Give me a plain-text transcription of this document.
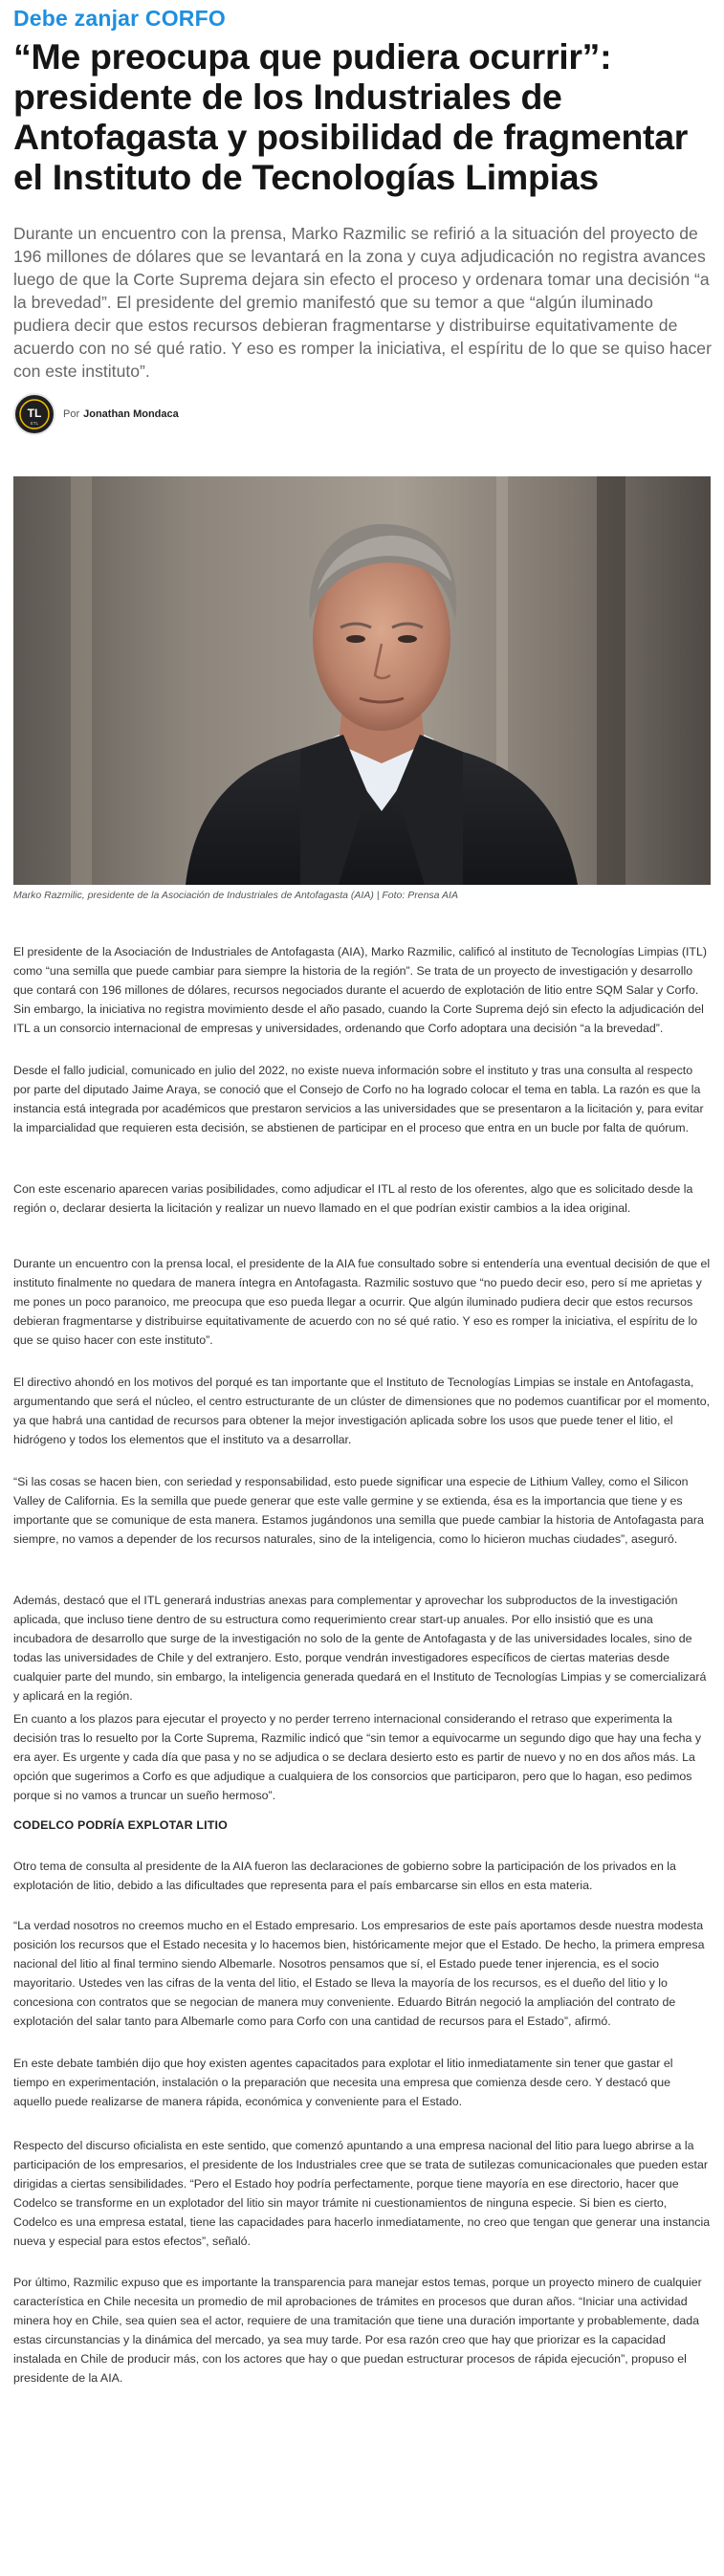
Debe zanjar CORFO
“Me preocupa que pudiera ocurrir”: presidente de los Industriales de Antofagasta y posibilidad de fragmentar el Instituto de Tecnologías Limpias

Durante un encuentro con la prensa, Marko Razmilic se refirió a la situación del proyecto de 196 millones de dólares que se levantará en la zona y cuya adjudicación no registra avances luego de que la Corte Suprema dejara sin efecto el proceso y ordenara tomar una decisión “a la brevedad”. El presidente del gremio manifestó que su temor a que “algún iluminado pudiera decir que estos recursos debieran fragmentarse y distribuirse equitativamente de acuerdo con no sé qué ratio. Y eso es romper la iniciativa, el espíritu de lo que se quiso hacer con este instituto”.

TL
ETL
Por Jonathan Mondaca

Marko Razmilic, presidente de la Asociación de Industriales de Antofagasta (AIA) | Foto: Prensa AIA

El presidente de la Asociación de Industriales de Antofagasta (AIA), Marko Razmilic, calificó al instituto de Tecnologías Limpias (ITL) como “una semilla que puede cambiar para siempre la historia de la región”. Se trata de un proyecto de investigación y desarrollo que contará con 196 millones de dólares, recursos negociados durante el acuerdo de explotación de litio entre SQM Salar y Corfo. Sin embargo, la iniciativa no registra movimiento desde el año pasado, cuando la Corte Suprema dejó sin efecto la adjudicación del ITL a un consorcio internacional de empresas y universidades, ordenando que Corfo adoptara una decisión “a la brevedad”.

Desde el fallo judicial, comunicado en julio del 2022, no existe nueva información sobre el instituto y tras una consulta al respecto por parte del diputado Jaime Araya, se conoció que el Consejo de Corfo no ha logrado colocar el tema en tabla. La razón es que la instancia está integrada por académicos que prestaron servicios a las universidades que se presentaron a la licitación y, para evitar la imparcialidad que requieren esta decisión, se abstienen de participar en el proceso que entra en un bucle por falta de quórum.

Con este escenario aparecen varias posibilidades, como adjudicar el ITL al resto de los oferentes, algo que es solicitado desde la región o, declarar desierta la licitación y realizar un nuevo llamado en el que podrían existir cambios a la idea original.

Durante un encuentro con la prensa local, el presidente de la AIA fue consultado sobre si entendería una eventual decisión de que el instituto finalmente no quedara de manera íntegra en Antofagasta. Razmilic sostuvo que “no puedo decir eso, pero sí me aprietas y me pones un poco paranoico, me preocupa que eso pueda llegar a ocurrir. Que algún iluminado pudiera decir que estos recursos debieran fragmentarse y distribuirse equitativamente de acuerdo con no sé qué ratio. Y eso es romper la iniciativa, el espíritu de lo que se quiso hacer con este instituto”.

El directivo ahondó en los motivos del porqué es tan importante que el Instituto de Tecnologías Limpias se instale en Antofagasta, argumentando que será el núcleo, el centro estructurante de un clúster de dimensiones que no podemos cuantificar por el momento, ya que habrá una cantidad de recursos para obtener la mejor investigación aplicada sobre los usos que puede tener el litio, el hidrógeno y todos los elementos que el instituto va a desarrollar.

“Si las cosas se hacen bien, con seriedad y responsabilidad, esto puede significar una especie de Lithium Valley, como el Silicon Valley de California. Es la semilla que puede generar que este valle germine y se extienda, ésa es la importancia que tiene y es importante que se comunique de esta manera. Estamos jugándonos una semilla que puede cambiar la historia de Antofagasta para siempre, no vamos a depender de los recursos naturales, sino de la inteligencia, como lo hicieron muchas ciudades”, aseguró.

Además, destacó que el ITL generará industrias anexas para complementar y aprovechar los subproductos de la investigación aplicada, que incluso tiene dentro de su estructura como requerimiento crear start-up anuales. Por ello insistió que es una incubadora de desarrollo que surge de la investigación no solo de la gente de Antofagasta y de las universidades locales, sino de todas las universidades de Chile y del extranjero. Esto, porque vendrán investigadores específicos de ciertas materias desde cualquier parte del mundo, sin embargo, la inteligencia generada quedará en el Instituto de Tecnologías Limpias y se comercializará y aplicará en la región.

En cuanto a los plazos para ejecutar el proyecto y no perder terreno internacional considerando el retraso que experimenta la decisión tras lo resuelto por la Corte Suprema, Razmilic indicó que “sin temor a equivocarme un segundo digo que hay una fecha y era ayer. Es urgente y cada día que pasa y no se adjudica o se declara desierto esto es partir de nuevo y no en dos años más. La opción que sugerimos a Corfo es que adjudique a cualquiera de los consorcios que participaron, pero que lo hagan, eso pedimos porque si no vamos a truncar un sueño hermoso”.

CODELCO PODRÍA EXPLOTAR LITIO

Otro tema de consulta al presidente de la AIA fueron las declaraciones de gobierno sobre la participación de los privados en la explotación de litio, debido a las dificultades que representa para el país embarcarse sin ellos en esta materia.

“La verdad nosotros no creemos mucho en el Estado empresario. Los empresarios de este país aportamos desde nuestra modesta posición los recursos que el Estado necesita y lo hacemos bien, históricamente mejor que el Estado. De hecho, la primera empresa nacional del litio al final termino siendo Albemarle. Nosotros pensamos que sí, el Estado puede tener injerencia, es el socio mayoritario. Ustedes ven las cifras de la venta del litio, el Estado se lleva la mayoría de los recursos, es el dueño del litio y lo concesiona con contratos que se negocian de manera muy conveniente. Eduardo Bitrán negoció la ampliación del contrato de explotación del salar tanto para Albemarle como para Corfo con una cantidad de recursos para el Estado”, afirmó.

En este debate también dijo que hoy existen agentes capacitados para explotar el litio inmediatamente sin tener que gastar el tiempo en experimentación, instalación o la preparación que necesita una empresa que comienza desde cero. Y destacó que aquello puede realizarse de manera rápida, económica y conveniente para el Estado.

Respecto del discurso oficialista en este sentido, que comenzó apuntando a una empresa nacional del litio para luego abrirse a la participación de los empresarios, el presidente de los Industriales cree que se trata de sutilezas comunicacionales que pueden estar dirigidas a ciertas sensibilidades. “Pero el Estado hoy podría perfectamente, porque tiene mayoría en ese directorio, hacer que Codelco se transforme en un explotador del litio sin mayor trámite ni cuestionamientos de ninguna especie. Si bien es cierto, Codelco es una empresa estatal, tiene las capacidades para hacerlo inmediatamente, no creo que tengan que generar una instancia nueva y especial para estos efectos”, señaló.

Por último, Razmilic expuso que es importante la transparencia para manejar estos temas, porque un proyecto minero de cualquier característica en Chile necesita un promedio de mil aprobaciones de trámites en procesos que duran años. “Iniciar una actividad minera hoy en Chile, sea quien sea el actor, requiere de una tramitación que tiene una duración importante y probablemente, dada estas circunstancias y la dinámica del mercado, ya sea muy tarde. Por esa razón creo que hay que priorizar es la capacidad instalada en Chile de producir más, con los actores que hay o que puedan estructurar procesos de rápida ejecución”, propuso el presidente de la AIA.
